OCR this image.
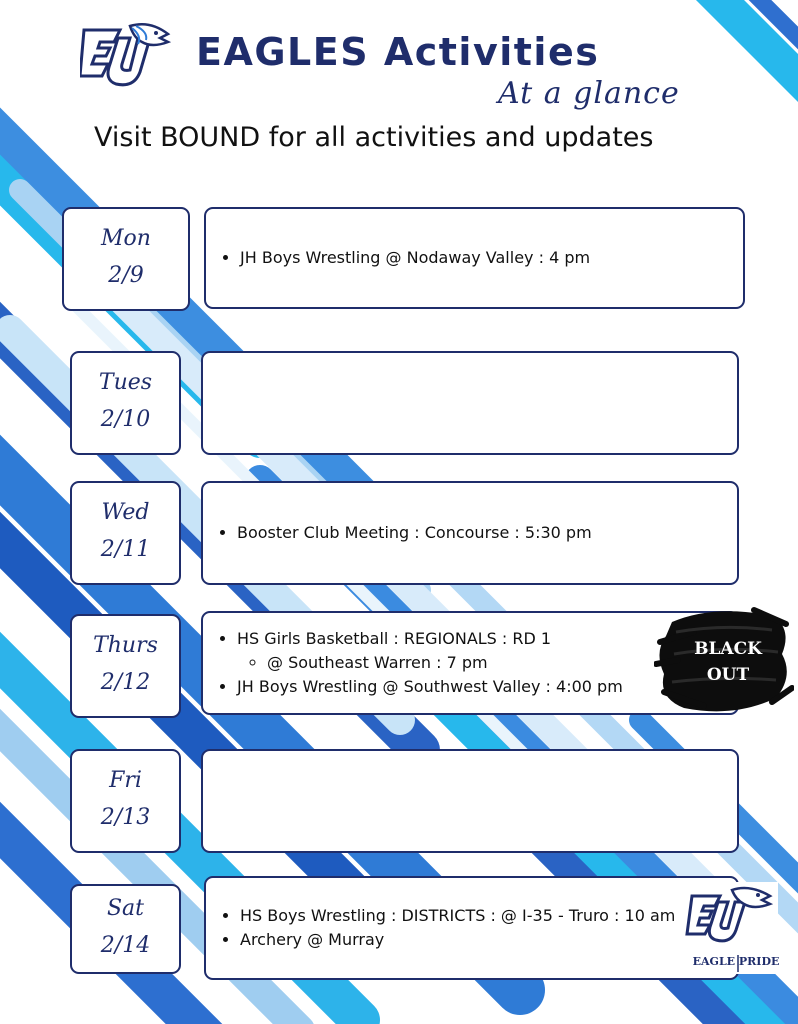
EAGLES Activities
At a glance
Visit BOUND for all activities and updates
Mon
2/9
Tues
2/10
Wed
2/11
Thurs
2/12
Fri
2/13
Sat
2/14
• JH Boys Wrestling @ Nodaway Valley : 4 pm
• Booster Club Meeting : Concourse : 5:30 pm
• HS Girls Basketball : REGIONALS : RD 1
◦ @ Southeast Warren : 7 pm
• JH Boys Wrestling @ Southwest Valley : 4:00 pm
• HS Boys Wrestling : DISTRICTS : @ I-35 - Truro : 10 am
• Archery @ Murray
BLACK
OUT
EAGLE PRIDE
